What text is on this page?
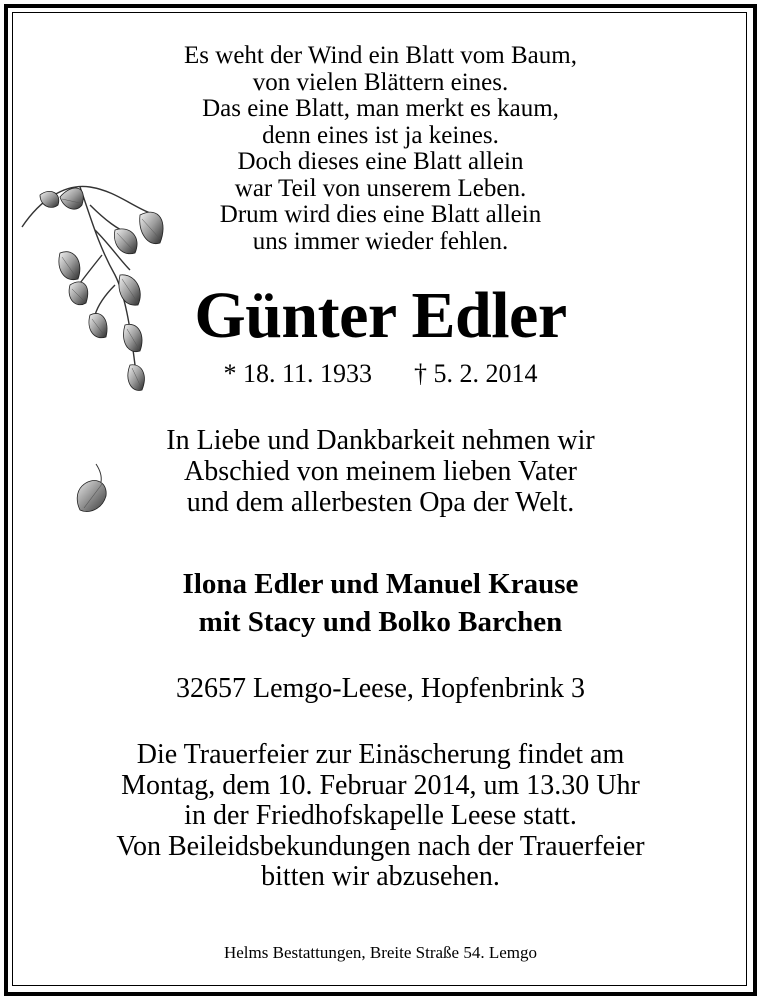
Es weht der Wind ein Blatt vom Baum,
von vielen Blättern eines.
Das eine Blatt, man merkt es kaum,
denn eines ist ja keines.
Doch dieses eine Blatt allein
war Teil von unserem Leben.
Drum wird dies eine Blatt allein
uns immer wieder fehlen.
Günter Edler
* 18. 11. 1933 † 5. 2. 2014
In Liebe und Dankbarkeit nehmen wir
Abschied von meinem lieben Vater
und dem allerbesten Opa der Welt.
Ilona Edler und Manuel Krause
mit Stacy und Bolko Barchen
32657 Lemgo-Leese, Hopfenbrink 3
Die Trauerfeier zur Einäscherung findet am
Montag, dem 10. Februar 2014, um 13.30 Uhr
in der Friedhofskapelle Leese statt.
Von Beileidsbekundungen nach der Trauerfeier
bitten wir abzusehen.
Helms Bestattungen, Breite Straße 54. Lemgo
